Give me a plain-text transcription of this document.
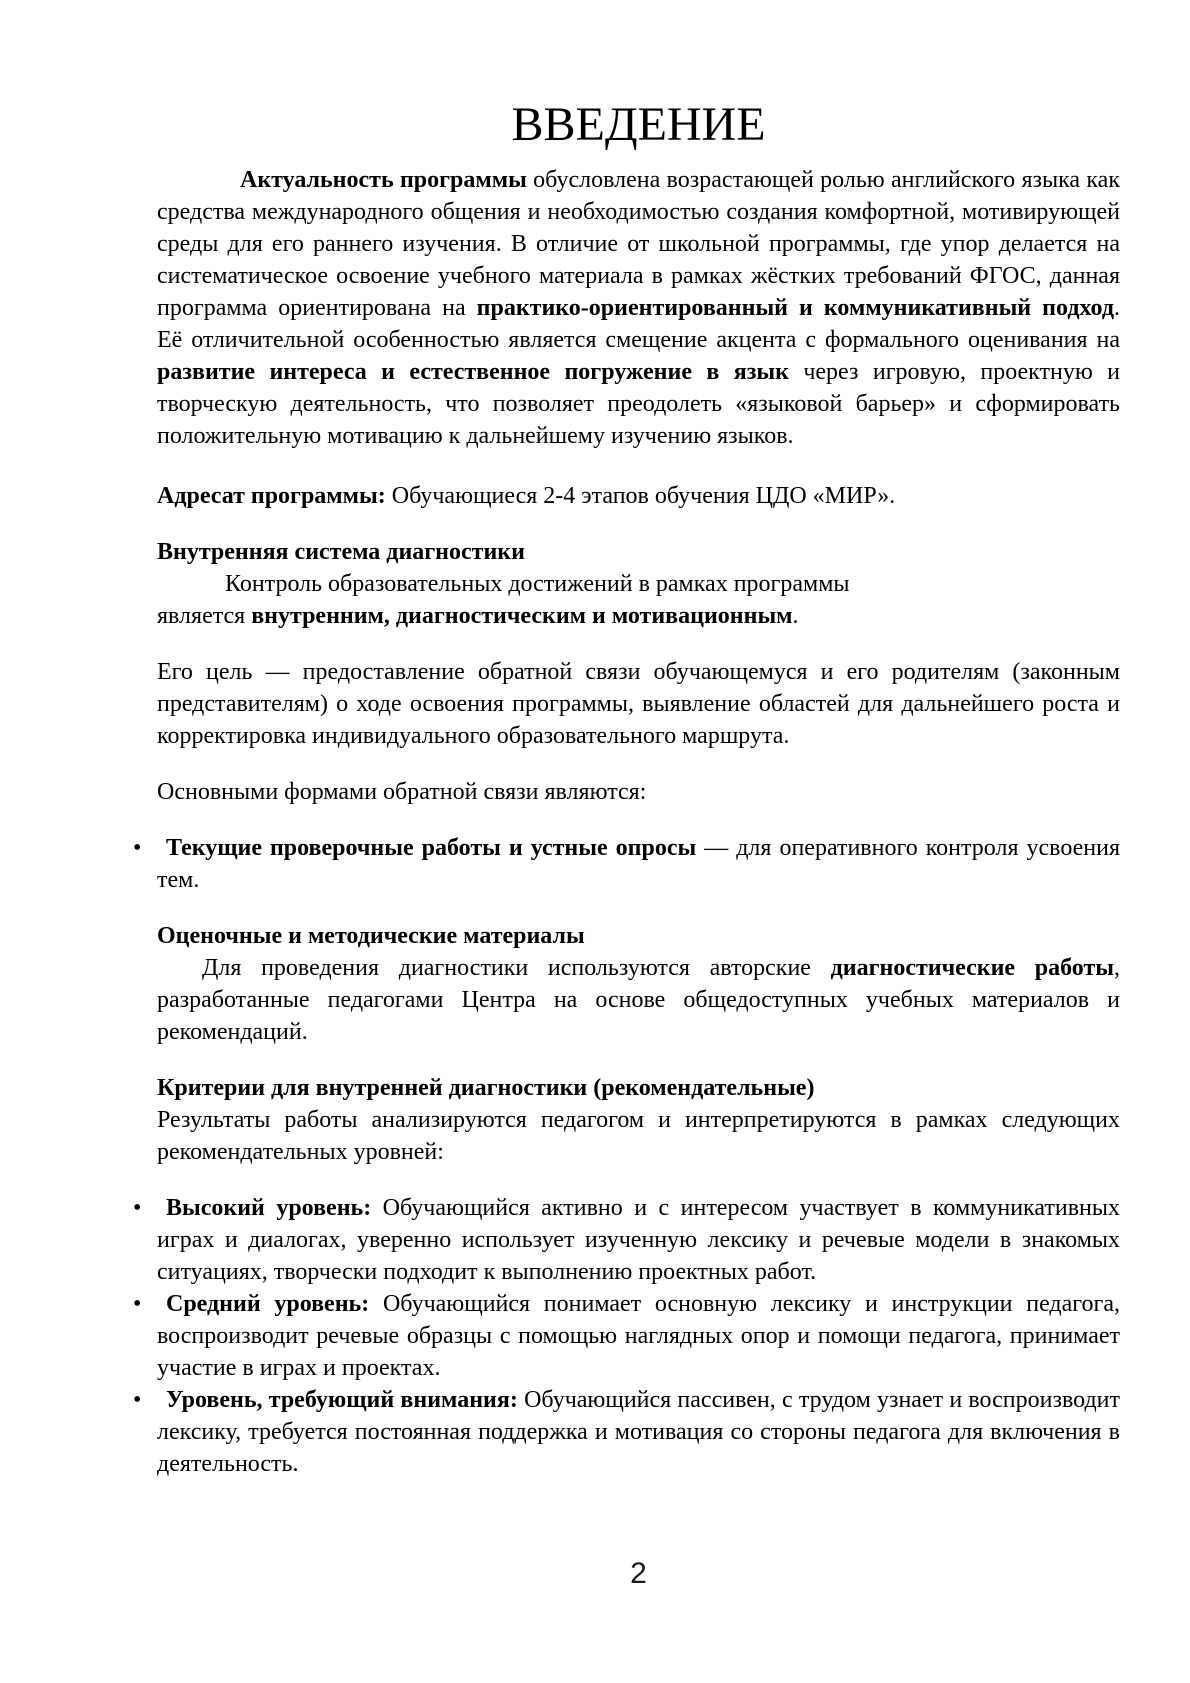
ВВЕДЕНИЕ

Актуальность программы обусловлена возрастающей ролью английского языка как средства международного общения и необходимостью создания комфортной, мотивирующей среды для его раннего изучения. В отличие от школьной программы, где упор делается на систематическое освоение учебного материала в рамках жёстких требований ФГОС, данная программа ориентирована на практико-ориентированный и коммуникативный подход. Её отличительной особенностью является смещение акцента с формального оценивания на развитие интереса и естественное погружение в язык через игровую, проектную и творческую деятельность, что позволяет преодолеть «языковой барьер» и сформировать положительную мотивацию к дальнейшему изучению языков.

Адресат программы: Обучающиеся 2-4 этапов обучения ЦДО «МИР».

Внутренняя система диагностики

Контроль образовательных достижений в рамках программы
является внутренним, диагностическим и мотивационным.

Его цель — предоставление обратной связи обучающемуся и его родителям (законным представителям) о ходе освоения программы, выявление областей для дальнейшего роста и корректировка индивидуального образовательного маршрута.

Основными формами обратной связи являются:

• Текущие проверочные работы и устные опросы — для оперативного контроля усвоения тем.

Оценочные и методические материалы

Для проведения диагностики используются авторские диагностические работы, разработанные педагогами Центра на основе общедоступных учебных материалов и рекомендаций.

Критерии для внутренней диагностики (рекомендательные)

Результаты работы анализируются педагогом и интерпретируются в рамках следующих рекомендательных уровней:

• Высокий уровень: Обучающийся активно и с интересом участвует в коммуникативных играх и диалогах, уверенно использует изученную лексику и речевые модели в знакомых ситуациях, творчески подходит к выполнению проектных работ.
• Средний уровень: Обучающийся понимает основную лексику и инструкции педагога, воспроизводит речевые образцы с помощью наглядных опор и помощи педагога, принимает участие в играх и проектах.
• Уровень, требующий внимания: Обучающийся пассивен, с трудом узнает и воспроизводит лексику, требуется постоянная поддержка и мотивация со стороны педагога для включения в деятельность.
2
